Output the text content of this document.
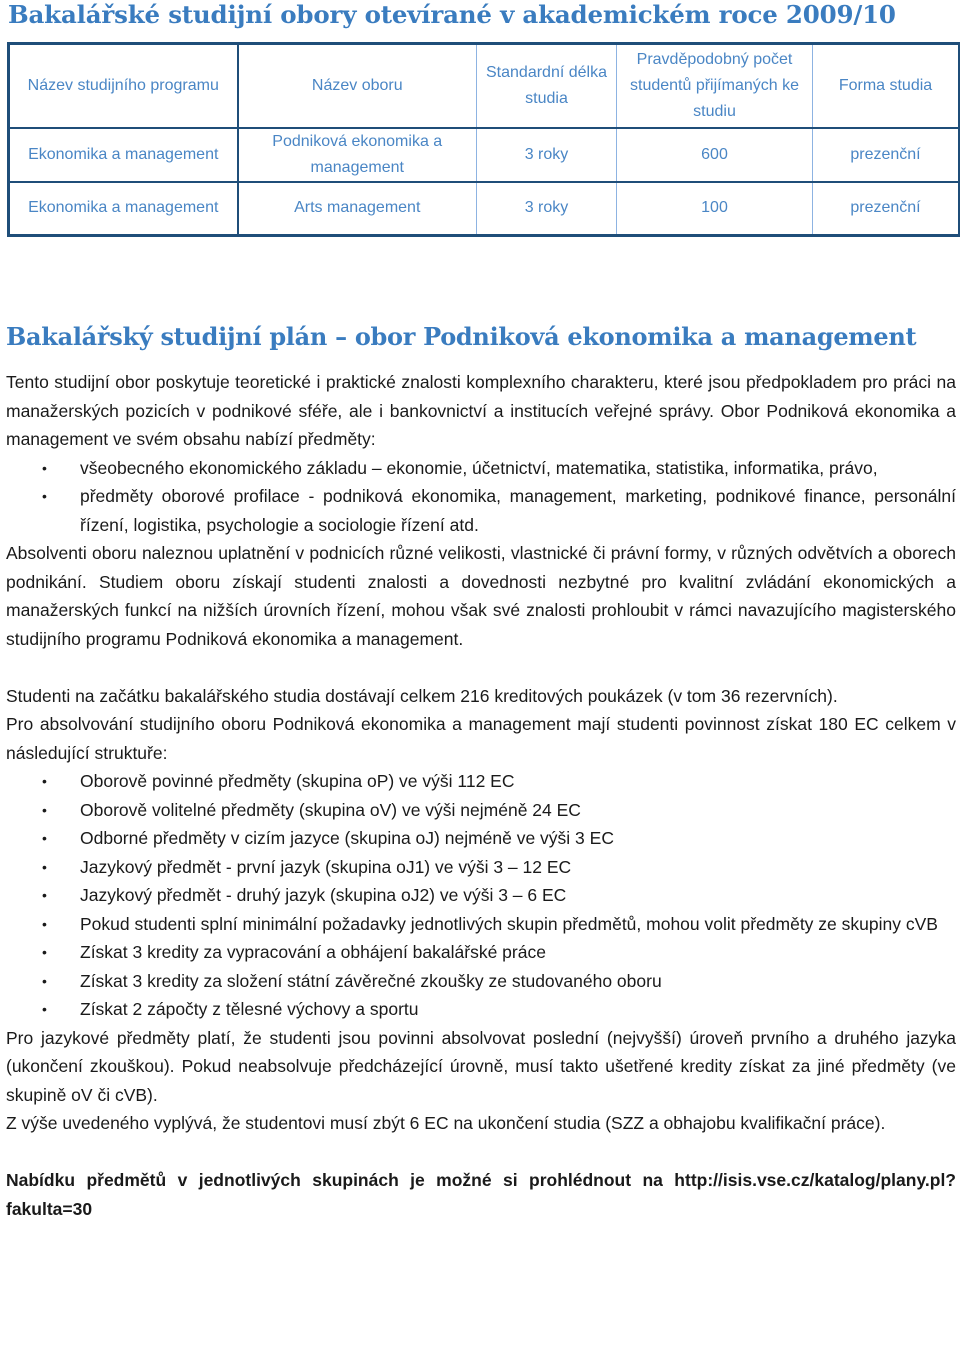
Bakalářské studijní obory otevírané v akademickém roce 2009/10
Název studijního programu	Název oboru	Standardní délka studia	Pravděpodobný počet studentů přijímaných ke studiu	Forma studia
Ekonomika a management	Podniková ekonomika a management	3 roky	600	prezenční
Ekonomika a management	Arts management	3 roky	100	prezenční
Bakalářský studijní plán – obor Podniková ekonomika a management

Tento studijní obor poskytuje teoretické i praktické znalosti komplexního charakteru, které jsou předpokladem pro práci na manažerských pozicích v podnikové sféře, ale i bankovnictví a institucích veřejné správy. Obor Podniková ekonomika a management ve svém obsahu nabízí předměty:

• všeobecného ekonomického základu – ekonomie, účetnictví, matematika, statistika, informatika, právo,
• předměty oborové profilace - podniková ekonomika, management, marketing, podnikové finance, personální řízení, logistika, psychologie a sociologie řízení atd.

Absolventi oboru naleznou uplatnění v podnicích různé velikosti, vlastnické či právní formy, v různých odvětvích a oborech podnikání. Studiem oboru získají studenti znalosti a dovednosti nezbytné pro kvalitní zvládání ekonomických a manažerských funkcí na nižších úrovních řízení, mohou však své znalosti prohloubit v rámci navazujícího magisterského studijního programu Podniková ekonomika a management.

Studenti na začátku bakalářského studia dostávají celkem 216 kreditových poukázek (v tom 36 rezervních).

Pro absolvování studijního oboru Podniková ekonomika a management mají studenti povinnost získat 180 EC celkem v následující struktuře:

• Oborově povinné předměty (skupina oP) ve výši 112 EC
• Oborově volitelné předměty (skupina oV) ve výši nejméně 24 EC
• Odborné předměty v cizím jazyce (skupina oJ) nejméně ve výši 3 EC
• Jazykový předmět - první jazyk (skupina oJ1) ve výši 3 – 12 EC
• Jazykový předmět - druhý jazyk (skupina oJ2) ve výši 3 – 6 EC
• Pokud studenti splní minimální požadavky jednotlivých skupin předmětů, mohou volit předměty ze skupiny cVB
• Získat 3 kredity za vypracování a obhájení bakalářské práce
• Získat 3 kredity za složení státní závěrečné zkoušky ze studovaného oboru
• Získat 2 zápočty z tělesné výchovy a sportu

Pro jazykové předměty platí, že studenti jsou povinni absolvovat poslední (nejvyšší) úroveň prvního a druhého jazyka (ukončení zkouškou). Pokud neabsolvuje předcházející úrovně, musí takto ušetřené kredity získat za jiné předměty (ve skupině oV či cVB).

Z výše uvedeného vyplývá, že studentovi musí zbýt 6 EC na ukončení studia (SZZ a obhajobu kvalifikační práce).

Nabídku předmětů v jednotlivých skupinách je možné si prohlédnout na http://isis.vse.cz/katalog/plany.pl?fakulta=30
